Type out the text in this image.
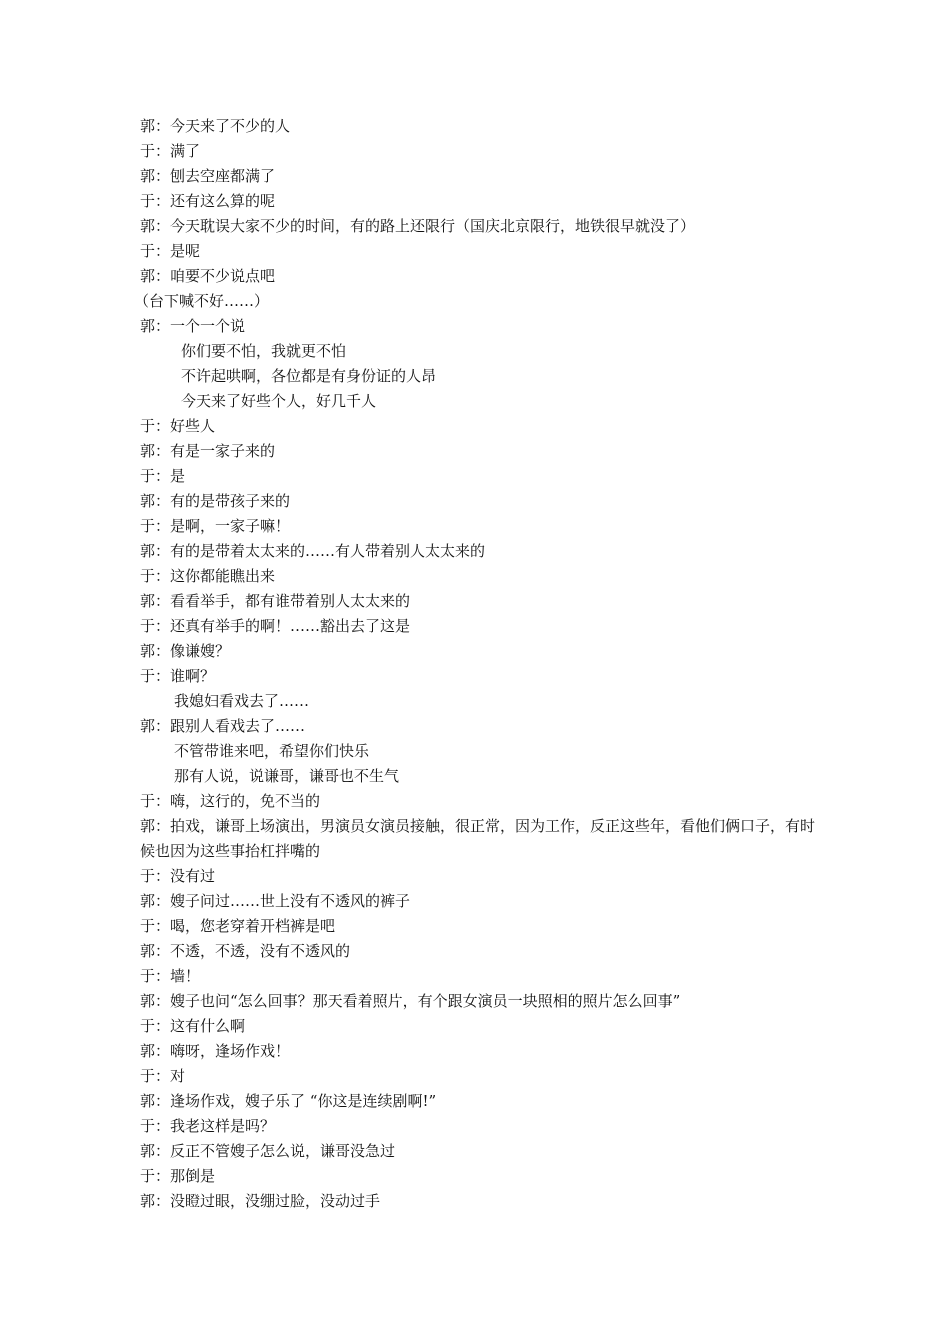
郭：今天来了不少的人

于：满了

郭：刨去空座都满了

于：还有这么算的呢

郭：今天耽误大家不少的时间，有的路上还限行（国庆北京限行，地铁很早就没了）

于：是呢

郭：咱要不少说点吧

（台下喊不好……）

郭：一个一个说

你们要不怕，我就更不怕

不许起哄啊，各位都是有身份证的人昂

今天来了好些个人，好几千人

于：好些人

郭：有是一家子来的

于：是

郭：有的是带孩子来的

于：是啊，一家子嘛！

郭：有的是带着太太来的……有人带着别人太太来的

于：这你都能瞧出来

郭：看看举手，都有谁带着别人太太来的

于：还真有举手的啊！……豁出去了这是

郭：像谦嫂？

于：谁啊？

我媳妇看戏去了……

郭：跟别人看戏去了……

不管带谁来吧，希望你们快乐

那有人说，说谦哥，谦哥也不生气

于：嗨，这行的，免不当的

郭：拍戏，谦哥上场演出，男演员女演员接触，很正常，因为工作，反正这些年，看他们俩口子，有时候也因为这些事抬杠拌嘴的

于：没有过

郭：嫂子问过……世上没有不透风的裤子

于：喝，您老穿着开档裤是吧

郭：不透，不透，没有不透风的

于：墙！

郭：嫂子也问“怎么回事？那天看着照片，有个跟女演员一块照相的照片怎么回事”

于：这有什么啊

郭：嗨呀，逢场作戏！

于：对

郭：逢场作戏，嫂子乐了 “你这是连续剧啊!”

于：我老这样是吗？

郭：反正不管嫂子怎么说，谦哥没急过

于：那倒是

郭：没瞪过眼，没绷过脸，没动过手
